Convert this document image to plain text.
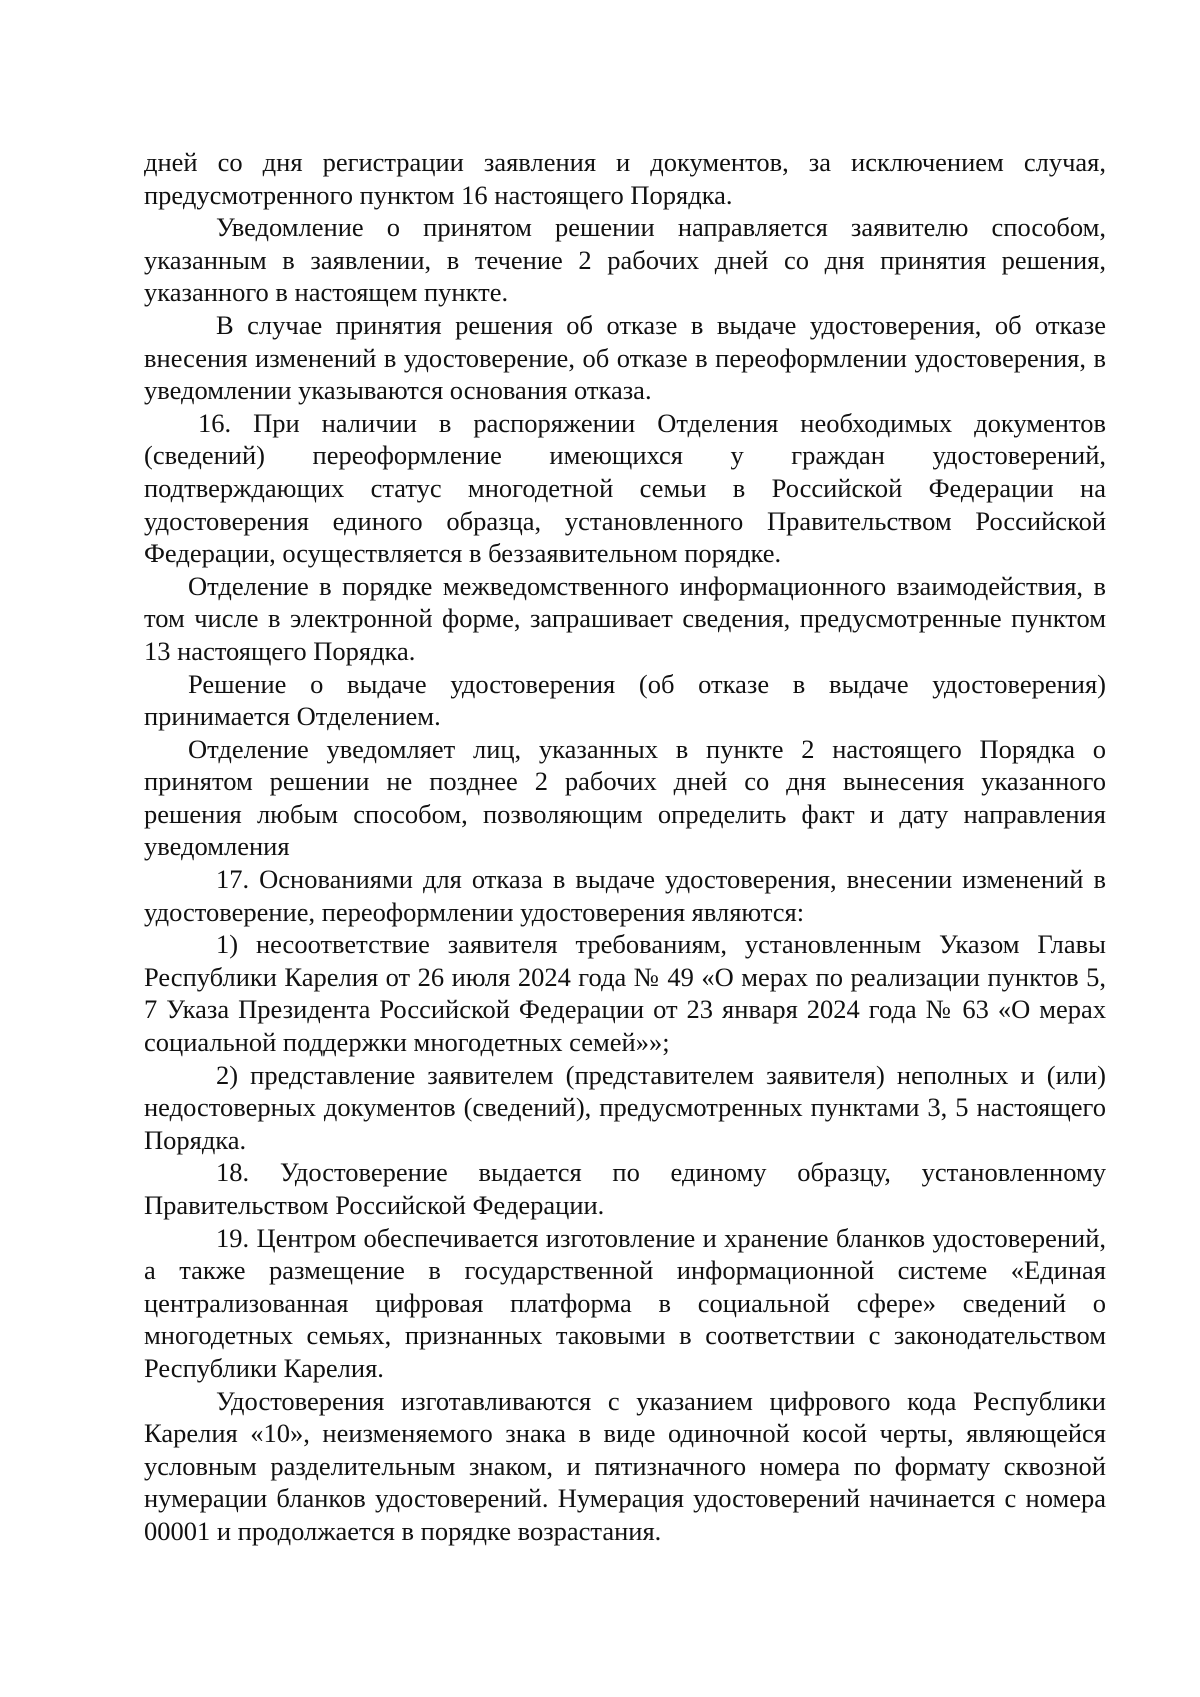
дней со дня регистрации заявления и документов, за исключением случая, предусмотренного пунктом 16 настоящего Порядка.

Уведомление о принятом решении направляется заявителю способом, указанным в заявлении, в течение 2 рабочих дней со дня принятия решения, указанного в настоящем пункте.

В случае принятия решения об отказе в выдаче удостоверения, об отказе внесения изменений в удостоверение, об отказе в переоформлении удостоверения, в уведомлении указываются основания отказа.

16. При наличии в распоряжении Отделения необходимых документов (сведений) переоформление имеющихся у граждан удостоверений, подтверждающих статус многодетной семьи в Российской Федерации на удостоверения единого образца, установленного Правительством Российской Федерации, осуществляется в беззаявительном порядке.

Отделение в порядке межведомственного информационного взаимодействия, в том числе в электронной форме, запрашивает сведения, предусмотренные пунктом 13 настоящего Порядка.

Решение о выдаче удостоверения (об отказе в выдаче удостоверения) принимается Отделением.

Отделение уведомляет лиц, указанных в пункте 2 настоящего Порядка о принятом решении не позднее 2 рабочих дней со дня вынесения указанного решения любым способом, позволяющим определить факт и дату направления уведомления

17. Основаниями для отказа в выдаче удостоверения, внесении изменений в удостоверение, переоформлении удостоверения являются:

1) несоответствие заявителя требованиям, установленным Указом Главы Республики Карелия от 26 июля 2024 года № 49 «О мерах по реализации пунктов 5, 7 Указа Президента Российской Федерации от 23 января 2024 года № 63 «О мерах социальной поддержки многодетных семей»»;

2) представление заявителем (представителем заявителя) неполных и (или) недостоверных документов (сведений), предусмотренных пунктами 3, 5 настоящего Порядка.

18. Удостоверение выдается по единому образцу, установленному Правительством Российской Федерации.

19. Центром обеспечивается изготовление и хранение бланков удостоверений, а также размещение в государственной информационной системе «Единая централизованная цифровая платформа в социальной сфере» сведений о многодетных семьях, признанных таковыми в соответствии с законодательством Республики Карелия.

Удостоверения изготавливаются с указанием цифрового кода Республики Карелия «10», неизменяемого знака в виде одиночной косой черты, являющейся условным разделительным знаком, и пятизначного номера по формату сквозной нумерации бланков удостоверений. Нумерация удостоверений начинается с номера 00001 и продолжается в порядке возрастания.
